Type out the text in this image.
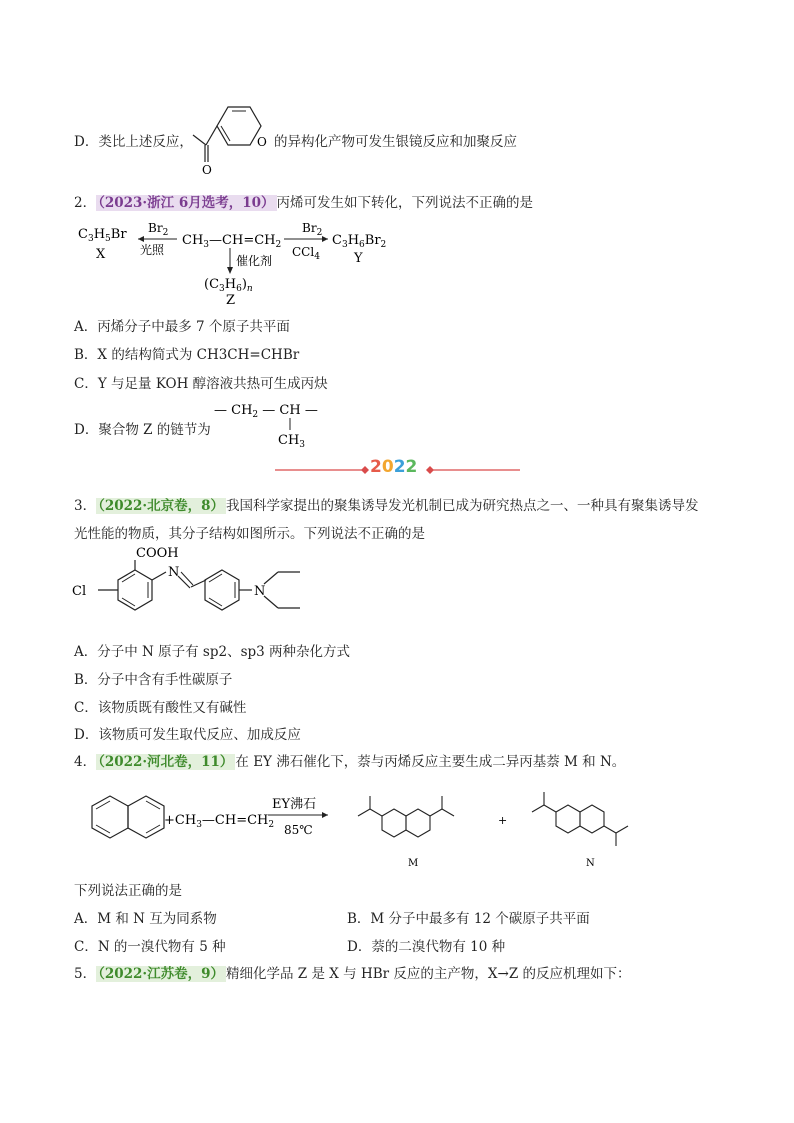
D．类比上述反应，	O
O
的异构化产物可发生银镜反应和加聚反应
2． （2023·浙江 6月选考，10） 丙烯可发生如下转化，下列说法不正确的是
$C_3H_5Br$
X
$Br_2$
光照
$CH_3—CH=CH_2$
$Br_2$
CCl$_4$
$C_3H_6Br_2$
Y
催化剂
$(C_3H_6)_n$
Z
A．丙烯分子中最多 7 个原子共平面
B．X 的结构简式为 CH3CH=CHBr
C．Y 与足量 KOH 醇溶液共热可生成丙炔
D．聚合物 Z 的链节为
— $CH_2$ — CH —
$CH_3$
2022
3． （2022·北京卷，8） 我国科学家提出的聚集诱导发光机制已成为研究热点之一、一种具有聚集诱导发
光性能的物质，其分子结构如图所示。下列说法不正确的是
COOH
Cl
N
N
A．分子中 N 原子有 sp2、sp3 两种杂化方式
B．分子中含有手性碳原子
C．该物质既有酸性又有碱性
D．该物质可发生取代反应、加成反应
4． （2022·河北卷，11） 在 EY 沸石催化下，萘与丙烯反应主要生成二异丙基萘 M 和 N。
$+CH_3—CH=CH_2$
EY沸石
85℃
M
+
N
下列说法正确的是
A．M 和 N 互为同系物	B．M 分子中最多有 12 个碳原子共平面
C．N 的一溴代物有 5 种	D．萘的二溴代物有 10 种
5． （2022·江苏卷，9） 精细化学品 Z 是 X 与 HBr 反应的主产物，X→Z 的反应机理如下：
